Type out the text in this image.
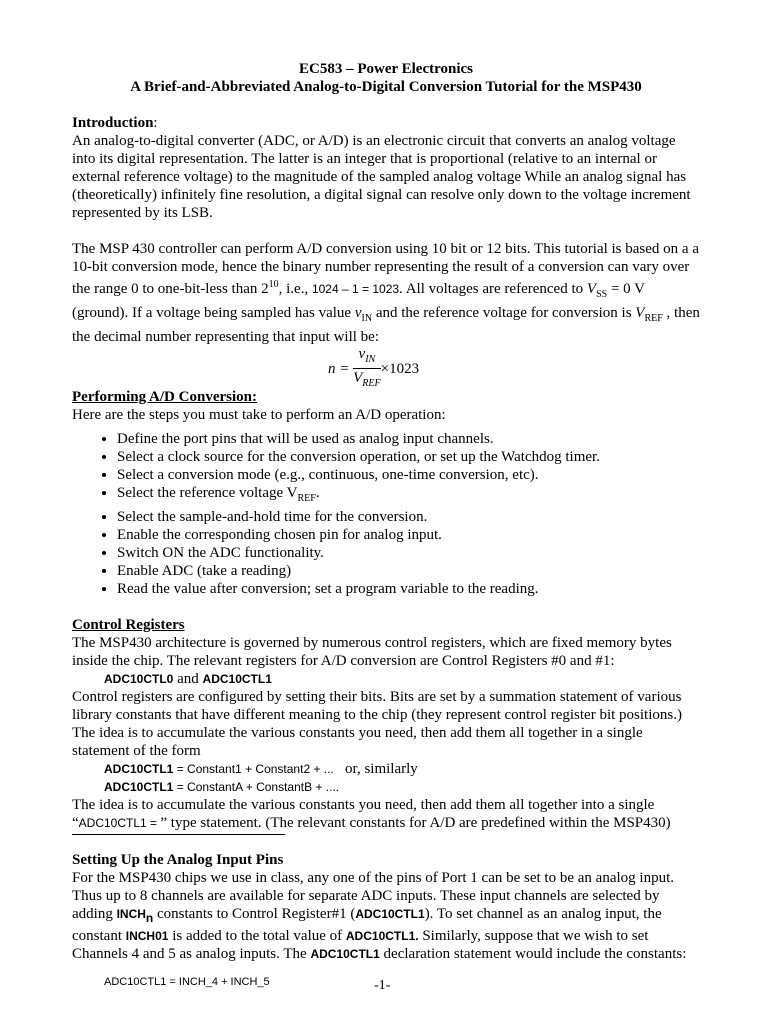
EC583 – Power Electronics
A Brief-and-Abbreviated Analog-to-Digital Conversion Tutorial for the MSP430
Introduction:
An analog-to-digital converter (ADC, or A/D) is an electronic circuit that converts an analog voltage into its digital representation. The latter is an integer that is proportional (relative to an internal or external reference voltage) to the magnitude of the sampled analog voltage While an analog signal has (theoretically) infinitely fine resolution, a digital signal can resolve only down to the voltage increment represented by its LSB.
The MSP 430 controller can perform A/D conversion using 10 bit or 12 bits. This tutorial is based on a a 10-bit conversion mode, hence the binary number representing the result of a conversion can vary over the range 0 to one-bit-less than $2^{10}$, i.e., 1024 – 1 = 1023. All voltages are referenced to $V_{SS} = 0$ V (ground). If a voltage being sampled has value $v_{IN}$ and the reference voltage for conversion is $V_{REF}$ , then the decimal number representing that input will be:
$n = \frac{v_{IN}}{V_{REF}} \times 1023$
Performing A/D Conversion:
Here are the steps you must take to perform an A/D operation:
• Define the port pins that will be used as analog input channels.
• Select a clock source for the conversion operation, or set up the Watchdog timer.
• Select a conversion mode (e.g., continuous, one-time conversion, etc).
• Select the reference voltage $V_{REF}$.
• Select the sample-and-hold time for the conversion.
• Enable the corresponding chosen pin for analog input.
• Switch ON the ADC functionality.
• Enable ADC (take a reading)
• Read the value after conversion; set a program variable to the reading.
Control Registers
The MSP430 architecture is governed by numerous control registers, which are fixed memory bytes inside the chip. The relevant registers for A/D conversion are Control Registers #0 and #1:
ADC10CTL0 and ADC10CTL1
Control registers are configured by setting their bits. Bits are set by a summation statement of various library constants that have different meaning to the chip (they represent control register bit positions.) The idea is to accumulate the various constants you need, then add them all together in a single statement of the form
ADC10CTL1 = Constant1 + Constant2 + ... or, similarly
ADC10CTL1 = ConstantA + ConstantB + ....
The idea is to accumulate the various constants you need, then add them all together into a single “ADC10CTL1 = ” type statement. (The relevant constants for A/D are predefined within the MSP430)
Setting Up the Analog Input Pins
For the MSP430 chips we use in class, any one of the pins of Port 1 can be set to be an analog input. Thus up to 8 channels are available for separate ADC inputs. These input channels are selected by adding $INCH_n$ constants to Control Register#1 (ADC10CTL1). To set channel as an analog input, the constant INCH01 is added to the total value of ADC10CTL1. Similarly, suppose that we wish to set Channels 4 and 5 as analog inputs. The ADC10CTL1 declaration statement would include the constants:
ADC10CTL1 = INCH_4 + INCH_5	-1-
